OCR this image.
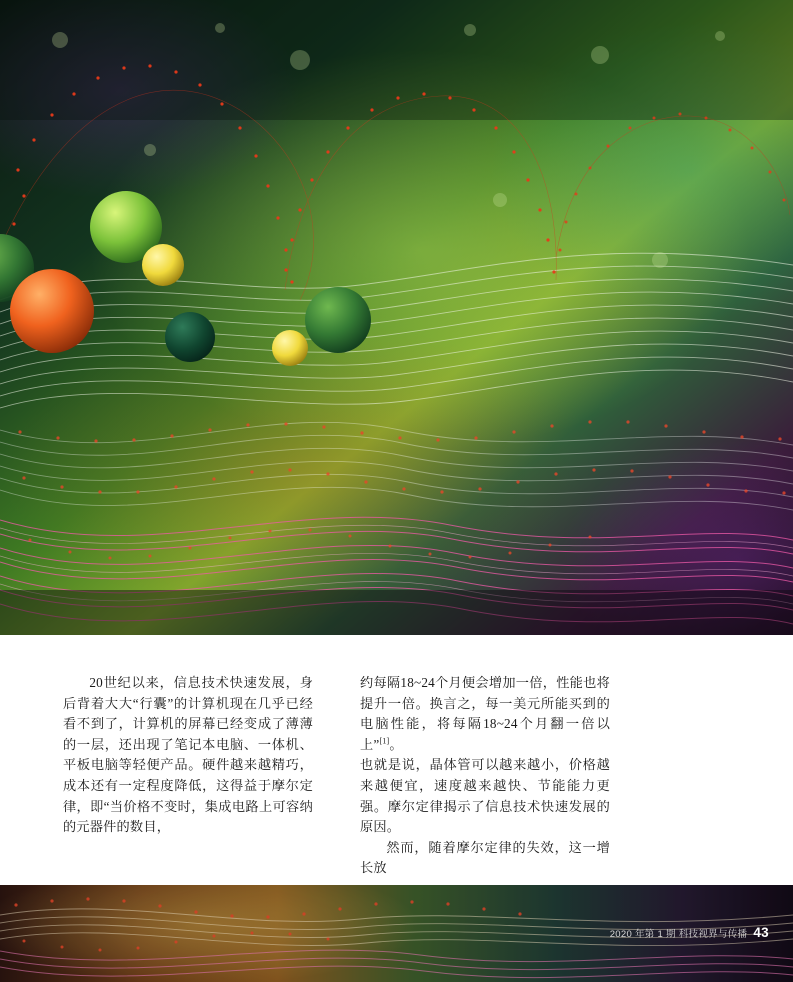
20世纪以来，信息技术快速发展，身后背着大大“行囊”的计算机现在几乎已经看不到了，计算机的屏幕已经变成了薄薄的一层，还出现了笔记本电脑、一体机、平板电脑等轻便产品。硬件越来越精巧，成本还有一定程度降低，这得益于摩尔定律，即“当价格不变时，集成电路上可容纳的元器件的数目，

约每隔18~24个月便会增加一倍，性能也将提升一倍。换言之，每一美元所能买到的电脑性能，将每隔18~24个月翻一倍以上”[1]。

也就是说，晶体管可以越来越小，价格越来越便宜，速度越来越快、节能能力更强。摩尔定律揭示了信息技术快速发展的原因。

然而，随着摩尔定律的失效，这一增长放

2020 年第 1 期 科技视界与传播 43
